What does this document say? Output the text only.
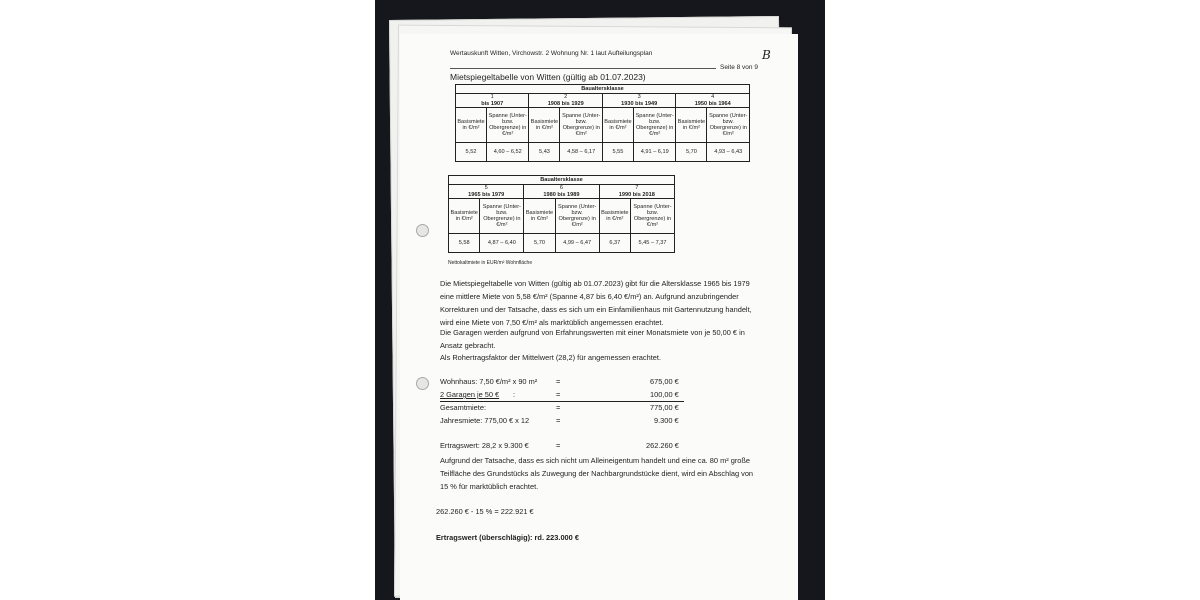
Wertauskunft Witten, Virchowstr. 2 Wohnung Nr. 1 laut Aufteilungsplan
Seite 8 von 9
B
Mietspiegeltabelle von Witten (gültig ab 01.07.2023)
Baualtersklasse							
1		2		3		4	
bis 1907		1908 bis 1929		1930 bis 1949		1950 bis 1964	
Basismiete in €/m²	Spanne (Unter- bzw. Obergrenze) in €/m²	Basismiete in €/m²	Spanne (Unter- bzw. Obergrenze) in €/m²	Basismiete in €/m²	Spanne (Unter- bzw. Obergrenze) in €/m²	Basismiete in €/m²	Spanne (Unter- bzw. Obergrenze) in €/m²
5,52	4,60 – 6,52	5,43	4,58 – 6,17	5,55	4,91 – 6,19	5,70	4,93 – 6,43
Baualtersklasse					
5		6		7	
1965 bis 1979		1980 bis 1989		1990 bis 2018	
Basismiete in €/m²	Spanne (Unter- bzw. Obergrenze) in €/m²	Basismiete in €/m²	Spanne (Unter- bzw. Obergrenze) in €/m²	Basismiete in €/m²	Spanne (Unter- bzw. Obergrenze) in €/m²
5,58	4,87 – 6,40	5,70	4,99 – 6,47	6,37	5,45 – 7,37
Nettokaltmiete in EUR/m² Wohnfläche
Die Mietspiegeltabelle von Witten (gültig ab 01.07.2023) gibt für die Altersklasse 1965 bis 1979 eine mittlere Miete von 5,58 €/m² (Spanne 4,87 bis 6,40 €/m²) an. Aufgrund anzubringender Korrekturen und der Tatsache, dass es sich um ein Einfamilienhaus mit Gartennutzung handelt, wird eine Miete von 7,50 €/m² als marktüblich angemessen erachtet.
Die Garagen werden aufgrund von Erfahrungswerten mit einer Monatsmiete von je 50,00 € in Ansatz gebracht.
Als Rohertragsfaktor der Mittelwert (28,2) für angemessen erachtet.
Wohnhaus: 7,50 €/m² x 90 m²	=	675,00 €
2 Garagen je 50 € :	=	100,00 €
Gesamtmiete:	=	775,00 €
Jahresmiete: 775,00 € x 12	=	9.300 €
Ertragswert: 28,2 x 9.300 €	=	262.260 €
Aufgrund der Tatsache, dass es sich nicht um Alleineigentum handelt und eine ca. 80 m² große Teilfläche des Grundstücks als Zuwegung der Nachbargrundstücke dient, wird ein Abschlag von 15 % für marktüblich erachtet.
262.260 € - 15 % = 222.921 €
Ertragswert (überschlägig): rd. 223.000 €
